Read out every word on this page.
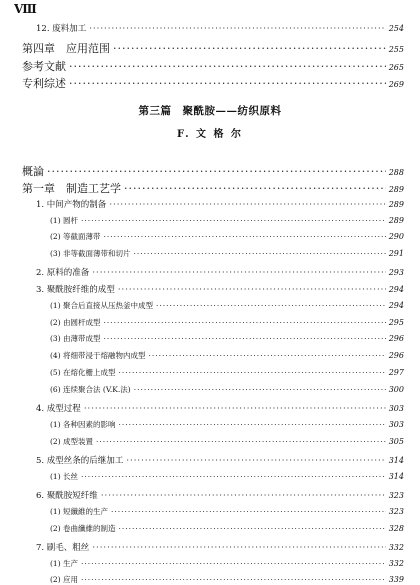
Ⅷ
12. 废料加工 ·····	254
第四章　应用范围 ·····	255
参考文献 ·····	265
专利综述 ·····	269
第三篇　聚酰胺——纺织原料
F. 文 格 尔
概論 ·····	288
第一章　制造工艺学 ·····	289
1. 中间产物的制备 ·····	289
(1) 圆杆 ·····	289
(2) 等截面薄带 ·····	290
(3) 非等截面薄带和切片 ·····	291
2. 原料的准备 ·····	293
3. 聚酰胺纤维的成型 ·····	294
(1) 聚合后直接从压热釜中成型 ·····	294
(2) 由圆杆成型 ·····	295
(3) 由薄带成型 ·····	296
(4) 将细带浸于熔融物内成型 ·····	296
(5) 在熔化栅上成型 ·····	297
(6) 连续聚合法 (V.K.法) ·····	300
4. 成型过程 ·····	303
(1) 各种因素的影响 ·····	303
(2) 成型装置 ·····	305
5. 成型丝条的后继加工 ·····	314
(1) 长丝 ·····	314
6. 聚酰胺短纤维 ·····	323
(1) 短纖維的生产 ·····	323
(2) 卷曲纖維的制造 ·····	328
7. 刷毛、粗丝 ·····	332
(1) 生产 ·····	332
(2) 应用 ·····	339
